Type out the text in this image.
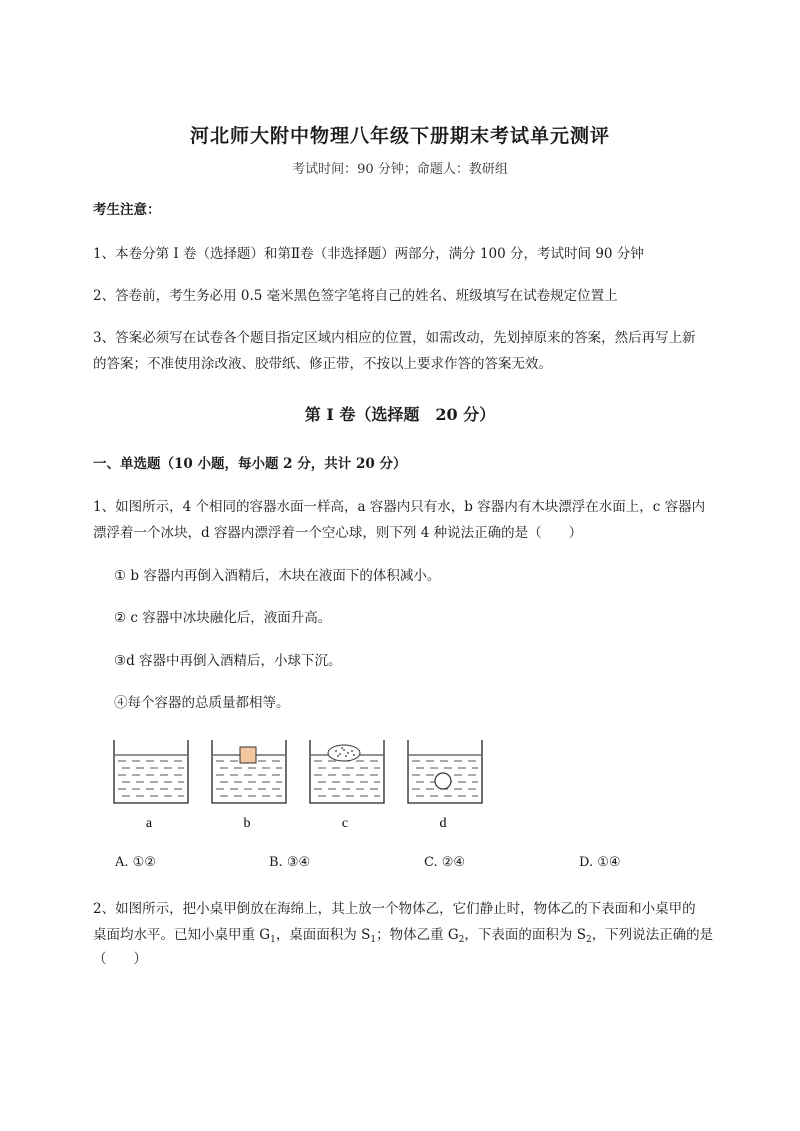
河北师大附中物理八年级下册期末考试单元测评
考试时间：90 分钟；命题人：教研组
考生注意：
1、本卷分第 I 卷（选择题）和第Ⅱ卷（非选择题）两部分，满分 100 分，考试时间 90 分钟
2、答卷前，考生务必用 0.5 毫米黑色签字笔将自己的姓名、班级填写在试卷规定位置上
3、答案必须写在试卷各个题目指定区域内相应的位置，如需改动，先划掉原来的答案，然后再写上新
的答案；不准使用涂改液、胶带纸、修正带，不按以上要求作答的答案无效。
第 I 卷（选择题　20 分）
一、单选题（10 小题，每小题 2 分，共计 20 分）
1、如图所示，4 个相同的容器水面一样高，a 容器内只有水，b 容器内有木块漂浮在水面上，c 容器内
漂浮着一个冰块，d 容器内漂浮着一个空心球，则下列 4 种说法正确的是（　　）
① b 容器内再倒入酒精后，木块在液面下的体积减小。
② c 容器中冰块融化后，液面升高。
③d 容器中再倒入酒精后，小球下沉。
④每个容器的总质量都相等。
a	b	c	d
A. ①②	B. ③④	C. ②④	D. ①④
2、如图所示，把小桌甲倒放在海绵上，其上放一个物体乙，它们静止时，物体乙的下表面和小桌甲的
桌面均水平。已知小桌甲重 $G_1$，桌面面积为 $S_1$；物体乙重 $G_2$，下表面的面积为 $S_2$，下列说法正确的是
（　　）
